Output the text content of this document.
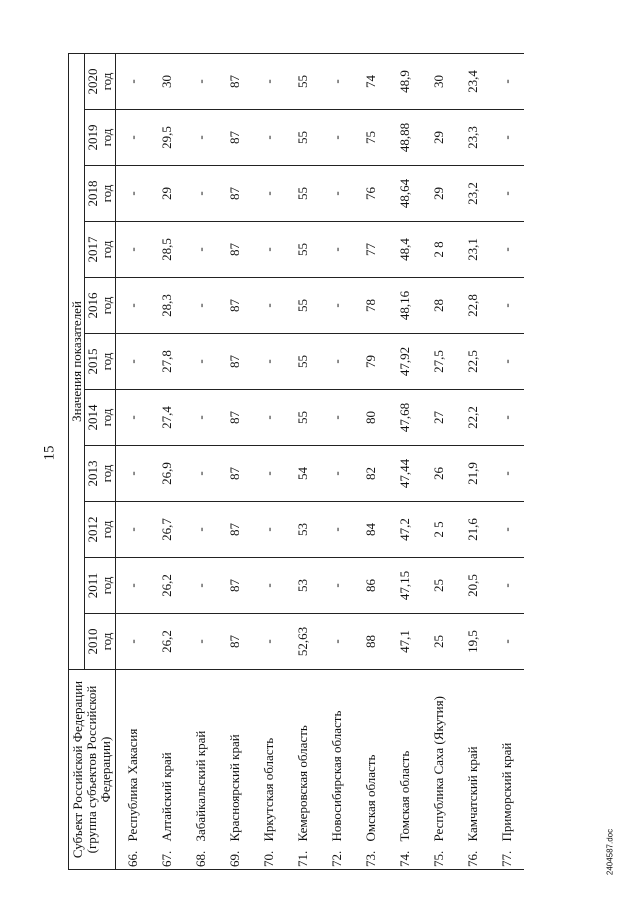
15
2404587.doc
Субъект Российской Федерации (группа субъектов Российской Федерации)		Значения показателей										

		2010 год	2011 год	2012 год	2013 год	2014 год	2015 год	2016 год	2017 год	2018 год	2019 год	2020 год

66.	Республика Хакасия	-	-	-	-	-	-	-	-	-	-	-
67.	Алтайский край	26,2	26,2	26,7	26,9	27,4	27,8	28,3	28,5	29	29,5	30
68.	Забайкальский край	-	-	-	-	-	-	-	-	-	-	-
69.	Красноярский край	87	87	87	87	87	87	87	87	87	87	87
70.	Иркутская область	-	-	-	-	-	-	-	-	-	-	-
71.	Кемеровская область	52,63	53	53	54	55	55	55	55	55	55	55
72.	Новосибирская область	-	-	-	-	-	-	-	-	-	-	-
73.	Омская область	88	86	84	82	80	79	78	77	76	75	74
74.	Томская область	47,1	47,15	47,2	47,44	47,68	47,92	48,16	48,4	48,64	48,88	48,9
75.	Республика Саха (Якутия)	25	25	2 5	26	27	27,5	28	2 8	29	29	30
76.	Камчатский край	19,5	20,5	21,6	21,9	22,2	22,5	22,8	23,1	23,2	23,3	23,4
77.	Приморский край	-	-	-	-	-	-	-	-	-	-	-
